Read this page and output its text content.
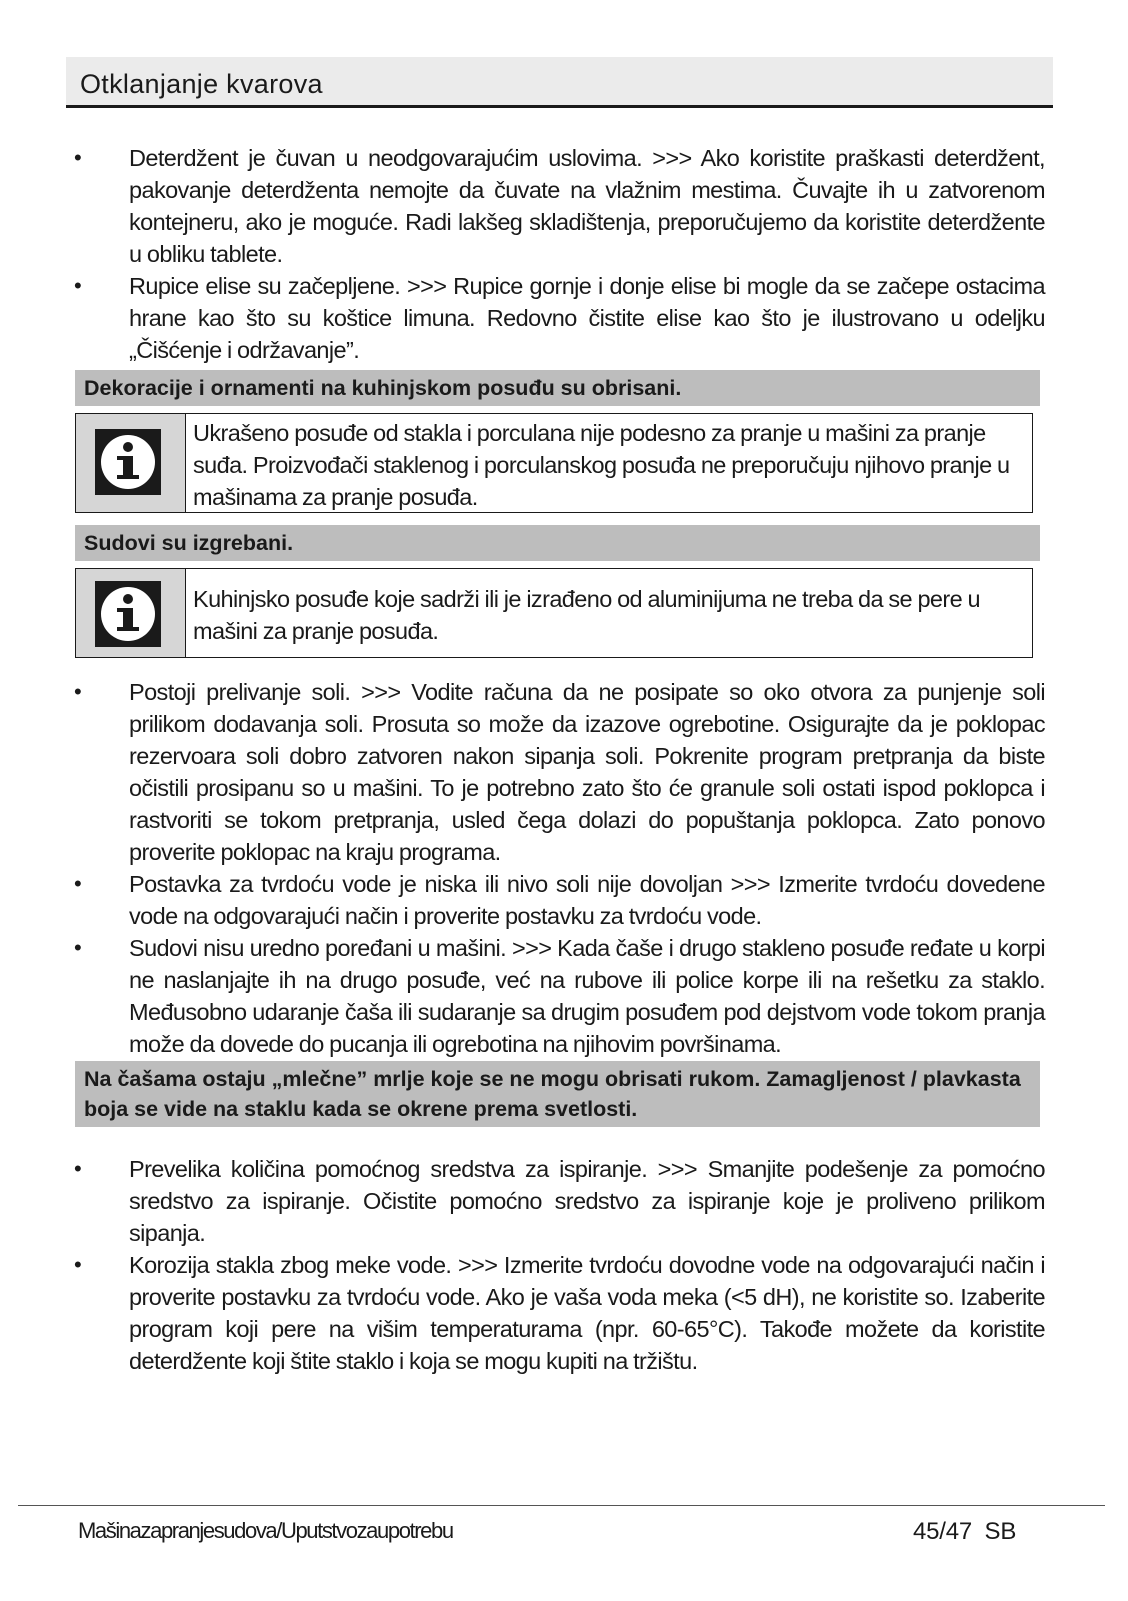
Otklanjanje kvarova
• Deterdžent je čuvan u neodgovarajućim uslovima. >>> Ako koristite praškasti deterdžent, pakovanje deterdženta nemojte da čuvate na vlažnim mestima. Čuvajte ih u zatvorenom kontejneru, ako je moguće. Radi lakšeg skladištenja, preporučujemo da koristite deterdžente u obliku tablete.
• Rupice elise su začepljene. >>> Rupice gornje i donje elise bi mogle da se začepe ostacima hrane kao što su koštice limuna. Redovno čistite elise kao što je ilustrovano u odeljku „Čišćenje i održavanje”.
Dekoracije i ornamenti na kuhinjskom posuđu su obrisani.
Ukrašeno posuđe od stakla i porculana nije podesno za pranje u mašini za pranje suđa. Proizvođači staklenog i porculanskog posuđa ne preporučuju njihovo pranje u mašinama za pranje posuđa.
Sudovi su izgrebani.
Kuhinjsko posuđe koje sadrži ili je izrađeno od aluminijuma ne treba da se pere u mašini za pranje posuđa.
• Postoji prelivanje soli. >>> Vodite računa da ne posipate so oko otvora za punjenje soli prilikom dodavanja soli. Prosuta so može da izazove ogrebotine. Osigurajte da je poklopac rezervoara soli dobro zatvoren nakon sipanja soli. Pokrenite program pretpranja da biste očistili prosipanu so u mašini. To je potrebno zato što će granule soli ostati ispod poklopca i rastvoriti se tokom pretpranja, usled čega dolazi do popuštanja poklopca. Zato ponovo proverite poklopac na kraju programa.
• Postavka za tvrdoću vode je niska ili nivo soli nije dovoljan >>> Izmerite tvrdoću dovedene vode na odgovarajući način i proverite postavku za tvrdoću vode.
• Sudovi nisu uredno poređani u mašini. >>> Kada čaše i drugo stakleno posuđe ređate u korpi ne naslanjajte ih na drugo posuđe, već na rubove ili police korpe ili na rešetku za staklo. Međusobno udaranje čaša ili sudaranje sa drugim posuđem pod dejstvom vode tokom pranja može da dovede do pucanja ili ogrebotina na njihovim površinama.
Na čašama ostaju „mlečne” mrlje koje se ne mogu obrisati rukom. Zamagljenost / plavkasta boja se vide na staklu kada se okrene prema svetlosti.
• Prevelika količina pomoćnog sredstva za ispiranje. >>> Smanjite podešenje za pomoćno sredstvo za ispiranje. Očistite pomoćno sredstvo za ispiranje koje je proliveno prilikom sipanja.
• Korozija stakla zbog meke vode. >>> Izmerite tvrdoću dovodne vode na odgovarajući način i proverite postavku za tvrdoću vode. Ako je vaša voda meka (<5 dH), ne koristite so. Izaberite program koji pere na višim temperaturama (npr. 60-65°C). Takođe možete da koristite deterdžente koji štite staklo i koja se mogu kupiti na tržištu.
Mašinazapranjesudova/Uputstvozaupotrebu	45/47 SB
